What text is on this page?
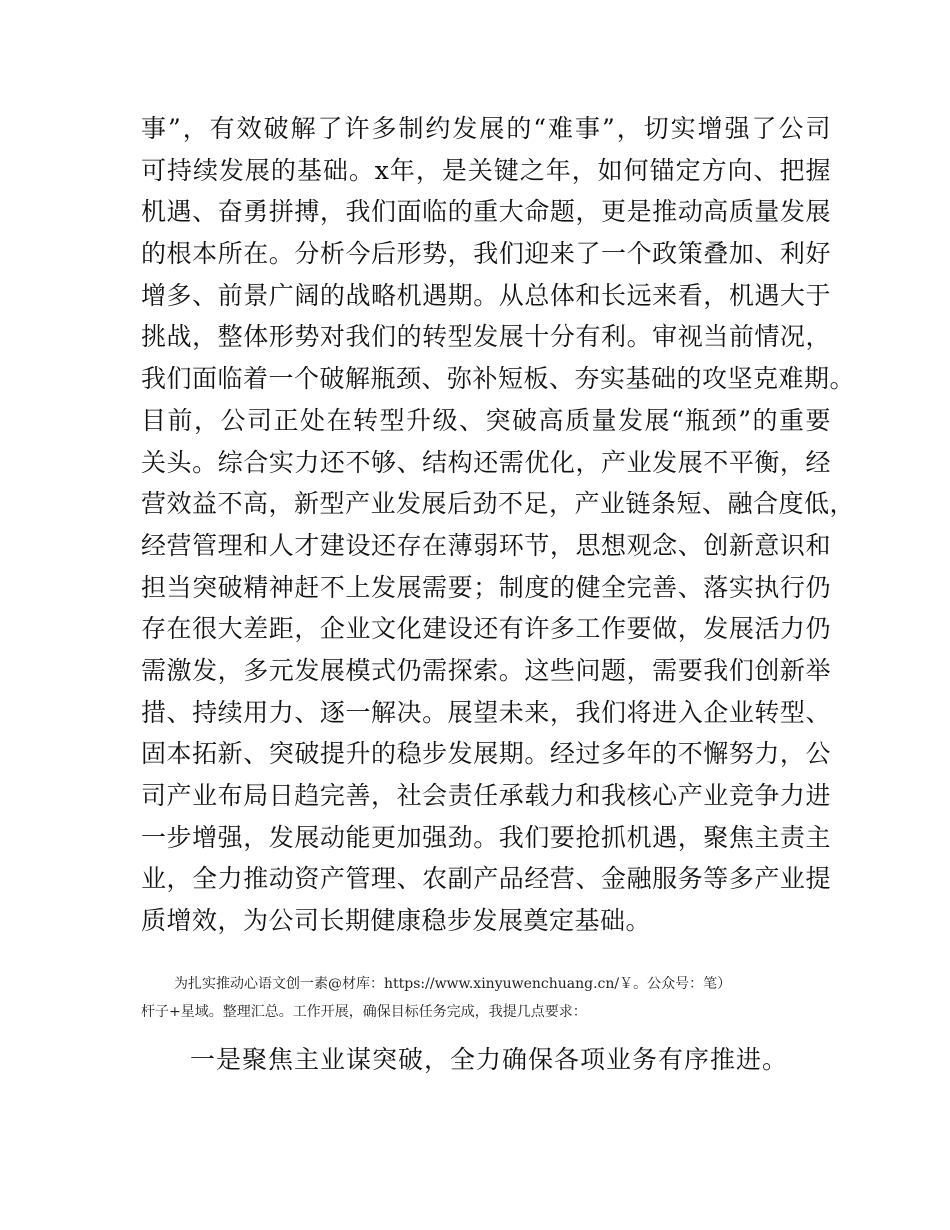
事”，有效破解了许多制约发展的“难事”，切实增强了公司
可持续发展的基础。x年，是关键之年，如何锚定方向、把握
机遇、奋勇拼搏，我们面临的重大命题，更是推动高质量发展
的根本所在。分析今后形势，我们迎来了一个政策叠加、利好
增多、前景广阔的战略机遇期。从总体和长远来看，机遇大于
挑战，整体形势对我们的转型发展十分有利。审视当前情况，
我们面临着一个破解瓶颈、弥补短板、夯实基础的攻坚克难期。
目前，公司正处在转型升级、突破高质量发展“瓶颈”的重要
关头。综合实力还不够、结构还需优化，产业发展不平衡，经
营效益不高，新型产业发展后劲不足，产业链条短、融合度低，
经营管理和人才建设还存在薄弱环节，思想观念、创新意识和
担当突破精神赶不上发展需要；制度的健全完善、落实执行仍
存在很大差距，企业文化建设还有许多工作要做，发展活力仍
需激发，多元发展模式仍需探索。这些问题，需要我们创新举
措、持续用力、逐一解决。展望未来，我们将进入企业转型、
固本拓新、突破提升的稳步发展期。经过多年的不懈努力，公
司产业布局日趋完善，社会责任承载力和我核心产业竞争力进
一步增强，发展动能更加强劲。我们要抢抓机遇，聚焦主责主
业，全力推动资产管理、农副产品经营、金融服务等多产业提
质增效，为公司长期健康稳步发展奠定基础。
为扎实推动心语文创一素@材库：https://www.xinyuwenchuang.cn/￥。公众号：笔）
杆子+星域。整理汇总。工作开展，确保目标任务完成，我提几点要求：
一是聚焦主业谋突破，全力确保各项业务有序推进。
